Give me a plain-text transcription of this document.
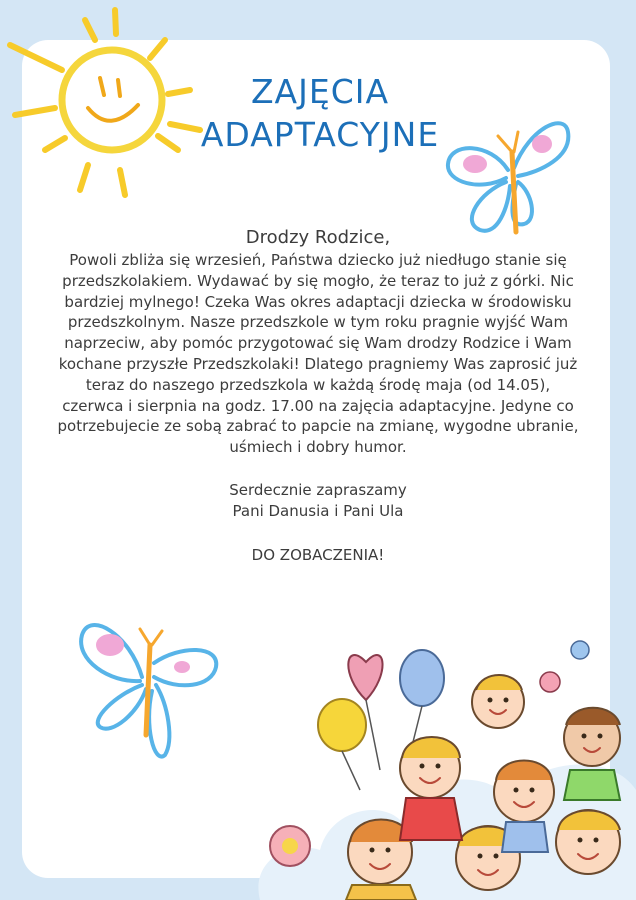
ZAJĘCIA
ADAPTACYJNE
Drodzy Rodzice,
Powoli zbliża się wrzesień, Państwa dziecko już niedługo stanie się przedszkolakiem. Wydawać by się mogło, że teraz to już z górki. Nic bardziej mylnego! Czeka Was okres adaptacji dziecka w środowisku przedszkolnym. Nasze przedszkole w tym roku pragnie wyjść Wam naprzeciw, aby pomóc przygotować się Wam drodzy Rodzice i Wam kochane przyszłe Przedszkolaki! Dlatego pragniemy Was zaprosić już teraz do naszego przedszkola w każdą środę maja (od 14.05), czerwca i sierpnia na godz. 17.00 na zajęcia adaptacyjne. Jedyne co potrzebujecie ze sobą zabrać to papcie na zmianę, wygodne ubranie, uśmiech i dobry humor.
Serdecznie zapraszamy
Pani Danusia i Pani Ula
DO ZOBACZENIA!
